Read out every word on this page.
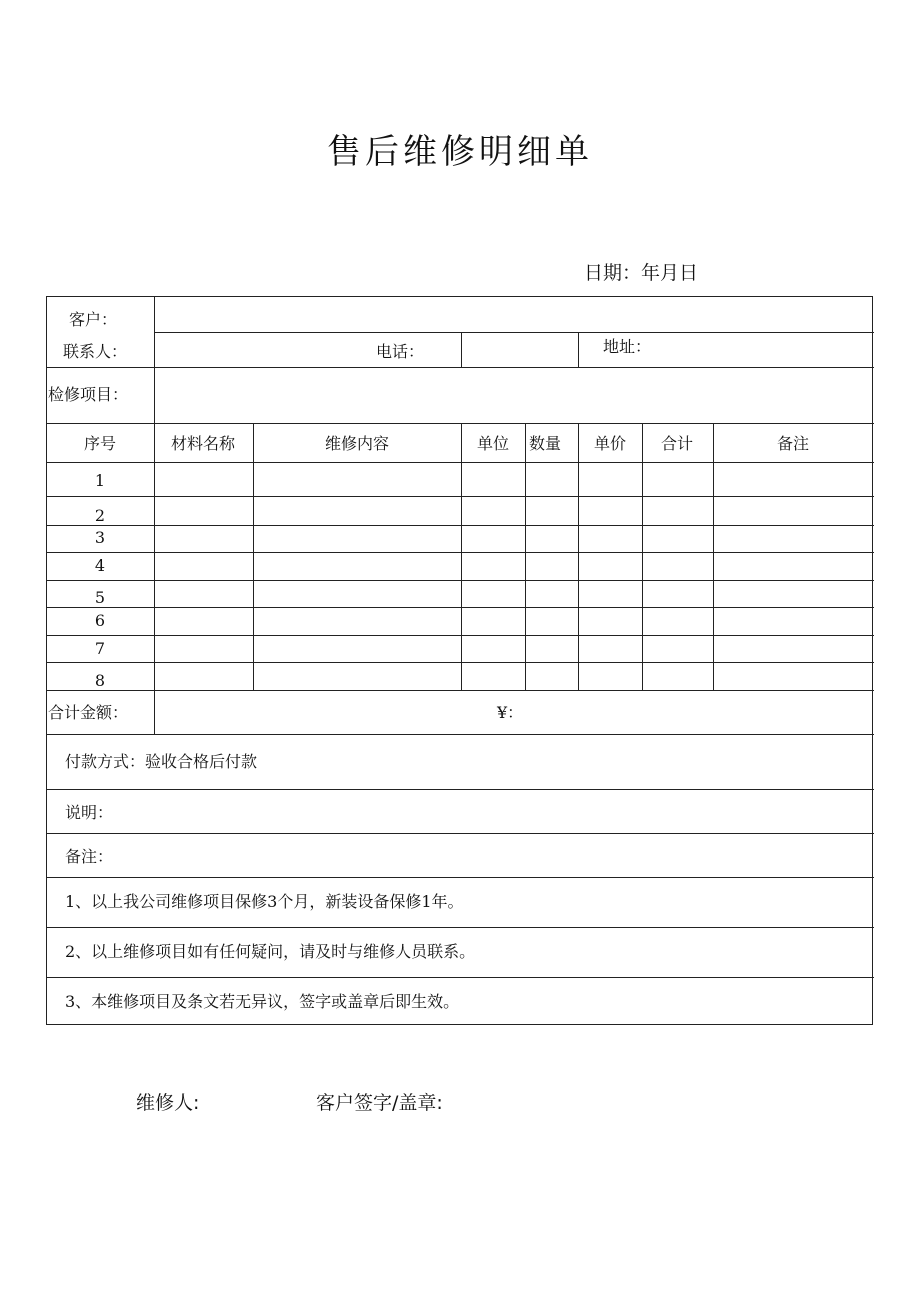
售后维修明细单
日期：年月日
客户：
联系人：	电话：	地址：
检修项目：
序号	材料名称	维修内容	单位 数量 单价 合计	备注
1
2
3
4
5
6
7
8
合计金额：	¥：
付款方式：验收合格后付款
说明：
备注：
1、以上我公司维修项目保修3个月，新装设备保修1年。
2、以上维修项目如有任何疑问，请及时与维修人员联系。
3、本维修项目及条文若无异议，签字或盖章后即生效。
维修人:	客户签字/盖章:
